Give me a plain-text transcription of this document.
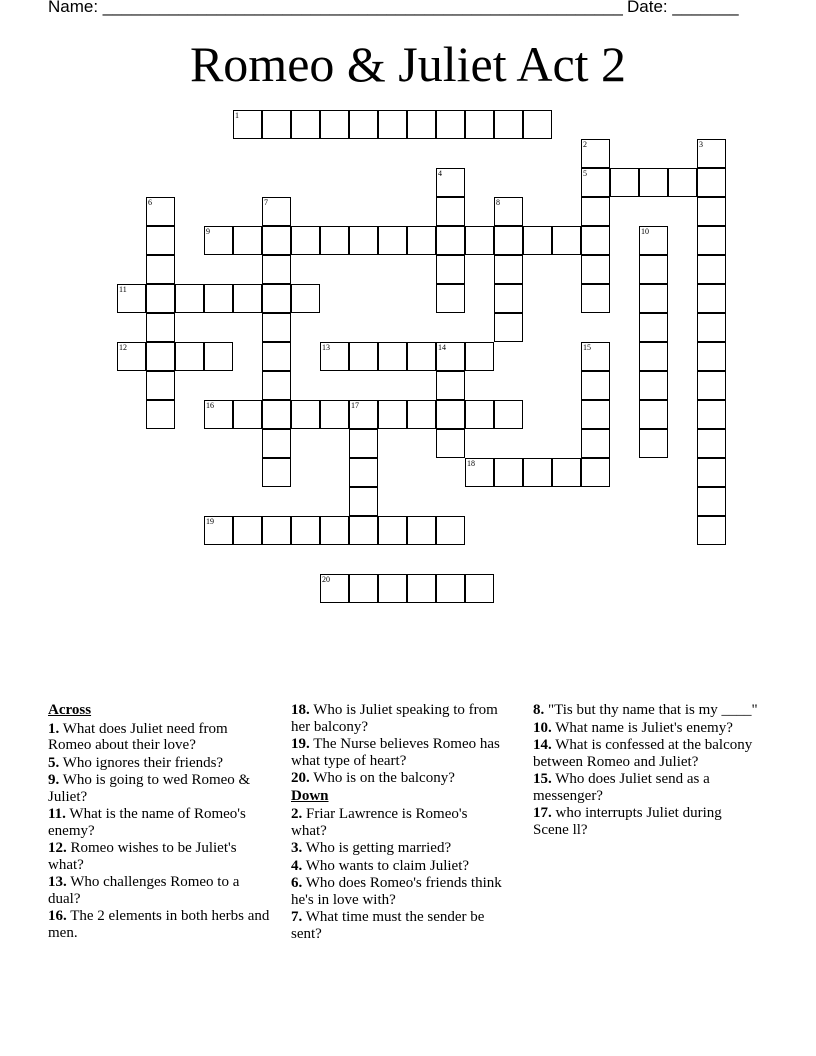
Name: _______________________________________________________ Date: _______
Romeo & Juliet Act 2
1
5
9
11
12	13	14
16	17
18
19
20
2	3
4
6	7	8
10
15
Across
1. What does Juliet need from Romeo about their love?
5. Who ignores their friends?
9. Who is going to wed Romeo & Juliet?
11. What is the name of Romeo's enemy?
12. Romeo wishes to be Juliet's what?
13. Who challenges Romeo to a dual?
16. The 2 elements in both herbs and men.
18. Who is Juliet speaking to from her balcony?
19. The Nurse believes Romeo has what type of heart?
20. Who is on the balcony?
Down
2. Friar Lawrence is Romeo's what?
3. Who is getting married?
4. Who wants to claim Juliet?
6. Who does Romeo's friends think he's in love with?
7. What time must the sender be sent?
8. "Tis but thy name that is my ____"
10. What name is Juliet's enemy?
14. What is confessed at the balcony between Romeo and Juliet?
15. Who does Juliet send as a messenger?
17. who interrupts Juliet during Scene ll?
